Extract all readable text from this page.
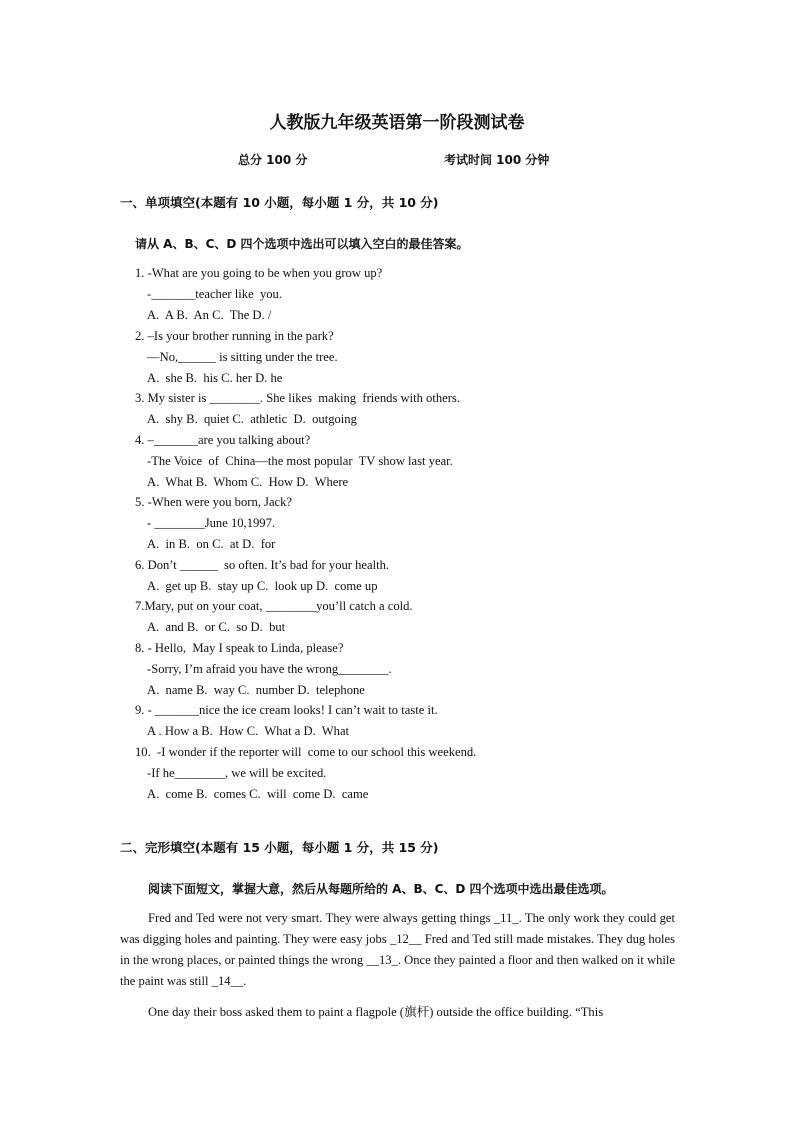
人教版九年级英语第一阶段测试卷
总分 100 分	考试时间 100 分钟
一、单项填空(本题有 10 小题，每小题 1 分，共 10 分)
请从 A、B、C、D 四个选项中选出可以填入空白的最佳答案。
1. -What are you going to be when you grow up?
-_______teacher like  you.
A.  A B.  An C.  The D. /
2. –Is your brother running in the park?
—No,______ is sitting under the tree.
A.  she B.  his C. her D. he
3. My sister is ________. She likes  making  friends with others.
A.  shy B.  quiet C.  athletic  D.  outgoing
4. –_______are you talking about?
-The Voice  of  China—the most popular  TV show last year.
A.  What B.  Whom C.  How D.  Where
5. -When were you born, Jack?
- ________June 10,1997.
A.  in B.  on C.  at D.  for
6. Don’t ______  so often. It’s bad for your health.
A.  get up B.  stay up C.  look up D.  come up
7.Mary, put on your coat, ________you’ll catch a cold.
A.  and B.  or C.  so D.  but
8. - Hello,  May I speak to Linda, please?
-Sorry, I’m afraid you have the wrong________.
A.  name B.  way C.  number D.  telephone
9. - _______nice the ice cream looks! I can’t wait to taste it.
A . How a B.  How C.  What a D.  What
10.  -I wonder if the reporter will  come to our school this weekend.
-If he________, we will be excited.
A.  come B.  comes C.  will  come D.  came
二、完形填空(本题有 15 小题，每小题 1 分，共 15 分)
阅读下面短文，掌握大意，然后从每题所给的 A、B、C、D 四个选项中选出最佳选项。

Fred and Ted were not very smart. They were always getting things _11_. The only work they could get was digging holes and painting. They were easy jobs _12__ Fred and Ted still made mistakes. They dug holes in the wrong places, or painted things the wrong __13_. Once they painted a floor and then walked on it while the paint was still _14__.

One day their boss asked them to paint a flagpole (旗杆) outside the office building. “This
